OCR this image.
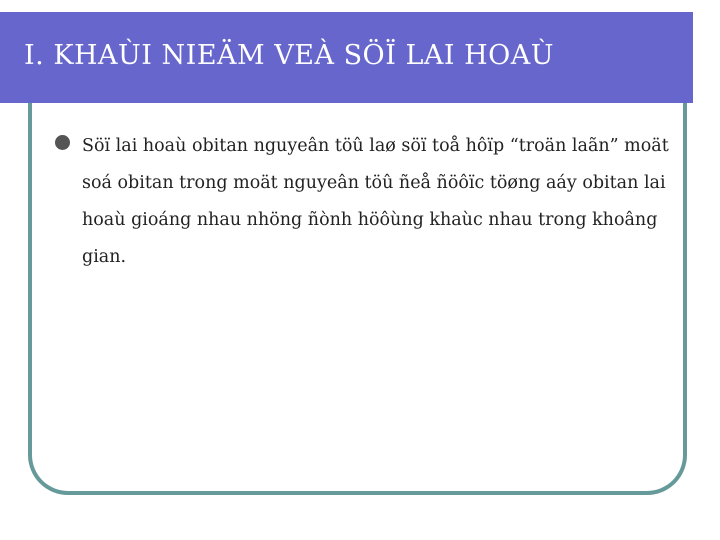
I. KHAÙI NIEÄM VEÀ SÖÏ LAI HOAÙ

Söï lai hoaù obitan nguyeân töû laø söï toå hôïp “troän laãn” moät soá obitan trong moät nguyeân töû ñeå ñöôïc töøng aáy obitan lai hoaù gioáng nhau nhöng ñònh höôùng khaùc nhau trong khoâng gian.
